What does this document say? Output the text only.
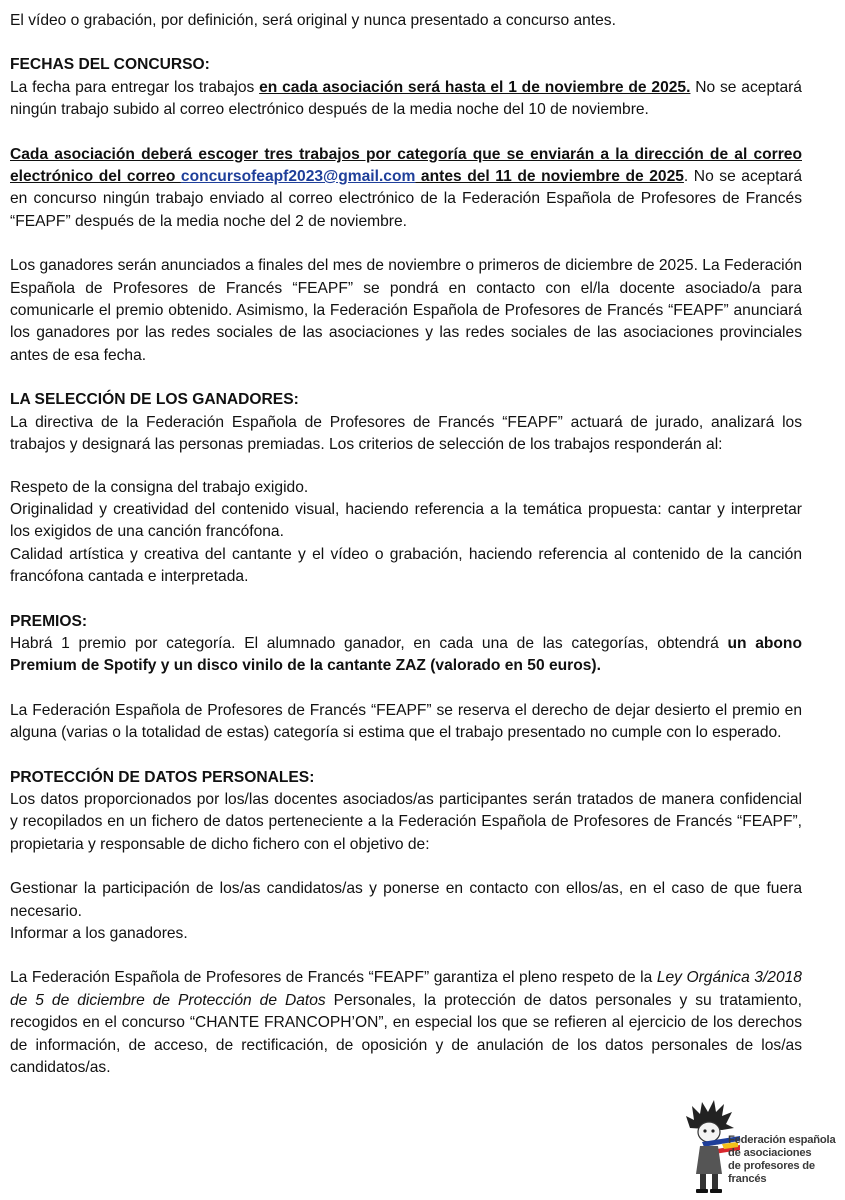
El vídeo o grabación, por definición, será original y nunca presentado a concurso antes.

FECHAS DEL CONCURSO:

La fecha para entregar los trabajos en cada asociación será hasta el 1 de noviembre de 2025. No se aceptará ningún trabajo subido al correo electrónico después de la media noche del 10 de noviembre.

Cada asociación deberá escoger tres trabajos por categoría que se enviarán a la dirección de al correo electrónico del correo concursofeapf2023@gmail.com antes del 11 de noviembre de 2025. No se aceptará en concurso ningún trabajo enviado al correo electrónico de la Federación Española de Profesores de Francés “FEAPF” después de la media noche del 2 de noviembre.

Los ganadores serán anunciados a finales del mes de noviembre o primeros de diciembre de 2025. La Federación Española de Profesores de Francés “FEAPF” se pondrá en contacto con el/la docente asociado/a para comunicarle el premio obtenido. Asimismo, la Federación Española de Profesores de Francés “FEAPF” anunciará los ganadores por las redes sociales de las asociaciones y las redes sociales de las asociaciones provinciales antes de esa fecha.

LA SELECCIÓN DE LOS GANADORES:

La directiva de la Federación Española de Profesores de Francés “FEAPF” actuará de jurado, analizará los trabajos y designará las personas premiadas. Los criterios de selección de los trabajos responderán al:

Respeto de la consigna del trabajo exigido.

Originalidad y creatividad del contenido visual, haciendo referencia a la temática propuesta: cantar y interpretar los exigidos de una canción francófona.

Calidad artística y creativa del cantante y el vídeo o grabación, haciendo referencia al contenido de la canción francófona cantada e interpretada.

PREMIOS:

Habrá 1 premio por categoría. El alumnado ganador, en cada una de las categorías, obtendrá un abono Premium de Spotify y un disco vinilo de la cantante ZAZ (valorado en 50 euros).

La Federación Española de Profesores de Francés “FEAPF” se reserva el derecho de dejar desierto el premio en alguna (varias o la totalidad de estas) categoría si estima que el trabajo presentado no cumple con lo esperado.

PROTECCIÓN DE DATOS PERSONALES:

Los datos proporcionados por los/las docentes asociados/as participantes serán tratados de manera confidencial y recopilados en un fichero de datos perteneciente a la Federación Española de Profesores de Francés “FEAPF”, propietaria y responsable de dicho fichero con el objetivo de:

Gestionar la participación de los/as candidatos/as y ponerse en contacto con ellos/as, en el caso de que fuera necesario.

Informar a los ganadores.

La Federación Española de Profesores de Francés “FEAPF” garantiza el pleno respeto de la Ley Orgánica 3/2018 de 5 de diciembre de Protección de Datos Personales, la protección de datos personales y su tratamiento, recogidos en el concurso “CHANTE FRANCOPH’ON”, en especial los que se refieren al ejercicio de los derechos de información, de acceso, de rectificación, de oposición y de anulación de los datos personales de los/as candidatos/as.

Federación española
de asociaciones
de profesores de francés
